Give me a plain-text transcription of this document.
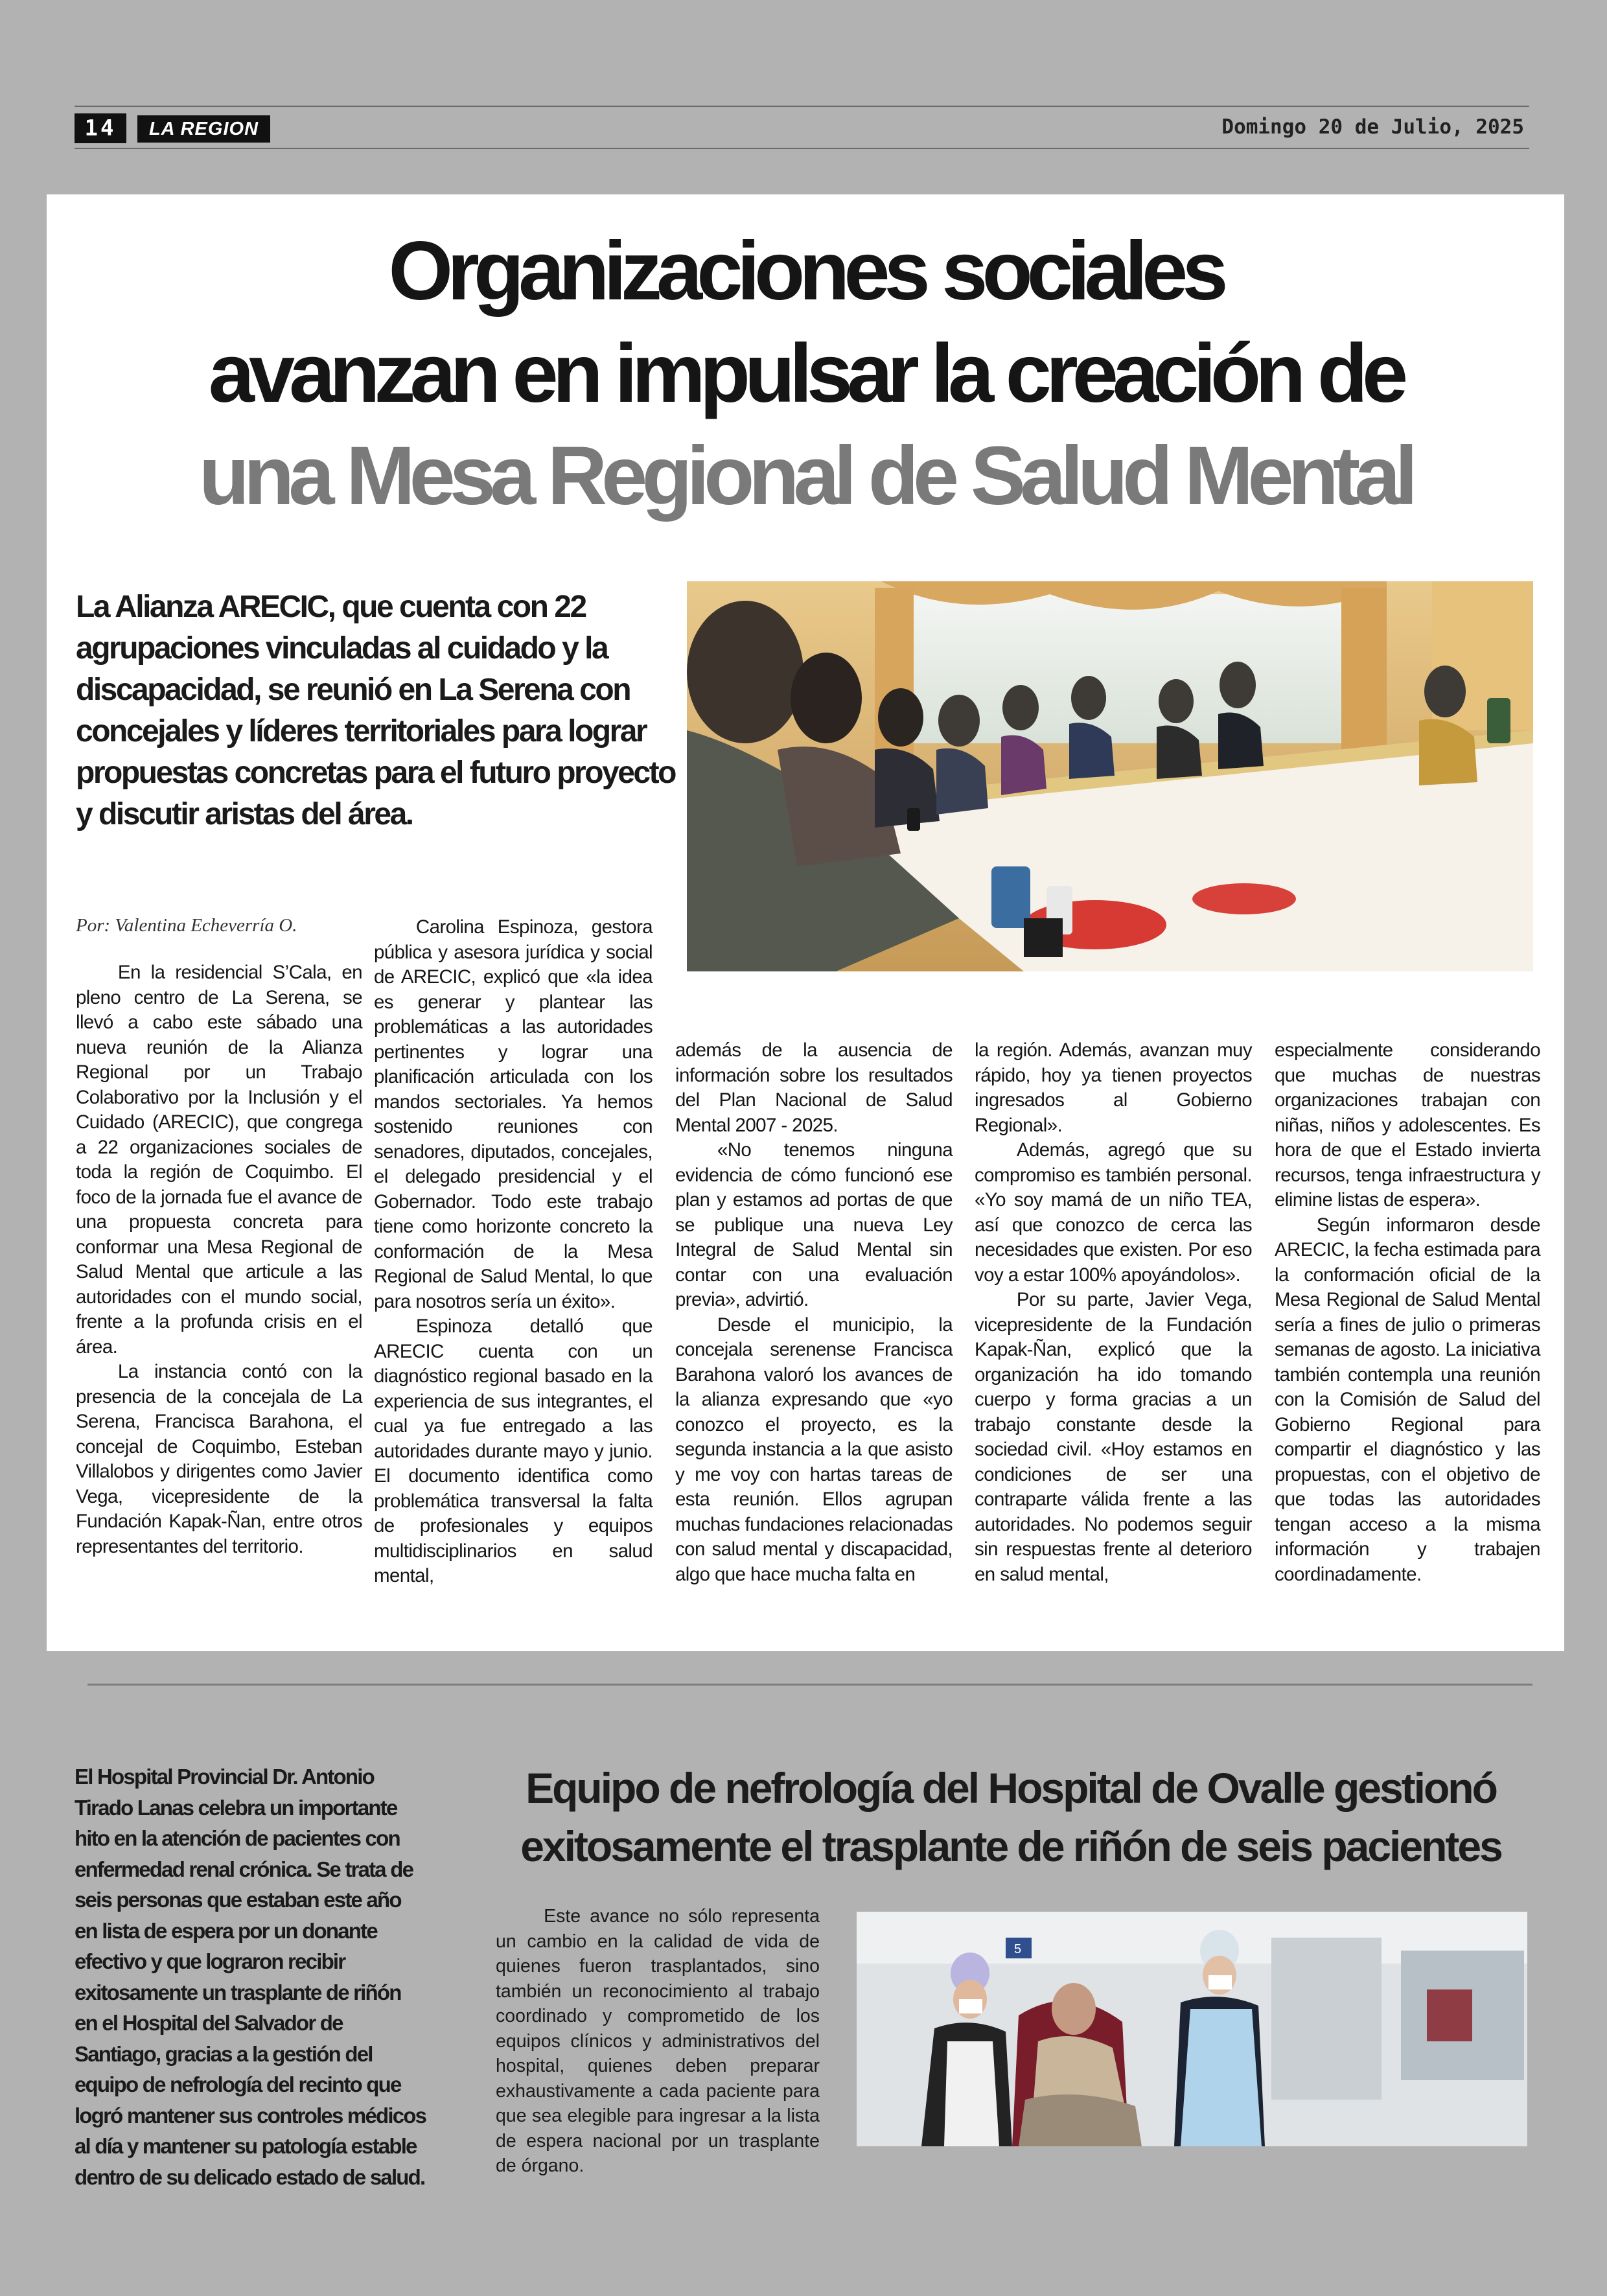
14	LA REGION	Domingo 20 de Julio, 2025
Organizaciones sociales
avanzan en impulsar la creación de
una Mesa Regional de Salud Mental
La Alianza ARECIC, que cuenta con 22 agrupaciones vinculadas al cuidado y la discapacidad, se reunió en La Serena con concejales y líderes territoriales para lograr propuestas concretas para el futuro proyecto y discutir aristas del área.
Por: Valentina Echeverría O.

En la residencial S’Cala, en pleno centro de La Serena, se llevó a cabo este sábado una nueva reunión de la Alianza Regional por un Trabajo Colaborativo por la Inclusión y el Cuidado (ARECIC), que congrega a 22 organizaciones sociales de toda la región de Coquimbo. El foco de la jornada fue el avance de una propuesta concreta para conformar una Mesa Regional de Salud Mental que articule a las autoridades con el mundo social, frente a la profunda crisis en el área.

La instancia contó con la presencia de la concejala de La Serena, Francisca Barahona, el concejal de Coquimbo, Esteban Villalobos y dirigentes como Javier Vega, vicepresidente de la Fundación Kapak-Ñan, entre otros representantes del territorio.

Carolina Espinoza, gestora pública y asesora jurídica y social de ARECIC, explicó que «la idea es generar y plantear las problemáticas a las autoridades pertinentes y lograr una planificación articulada con los mandos sectoriales. Ya hemos sostenido reuniones con senadores, diputados, concejales, el delegado presidencial y el Gobernador. Todo este trabajo tiene como horizonte concreto la conformación de la Mesa Regional de Salud Mental, lo que para nosotros sería un éxito».

Espinoza detalló que ARECIC cuenta con un diagnóstico regional basado en la experiencia de sus integrantes, el cual ya fue entregado a las autoridades durante mayo y junio. El documento identifica como problemática transversal la falta de profesionales y equipos multidisciplinarios en salud mental,

además de la ausencia de información sobre los resultados del Plan Nacional de Salud Mental 2007 - 2025.

«No tenemos ninguna evidencia de cómo funcionó ese plan y estamos ad portas de que se publique una nueva Ley Integral de Salud Mental sin contar con una evaluación previa», advirtió.

Desde el municipio, la concejala serenense Francisca Barahona valoró los avances de la alianza expresando que «yo conozco el proyecto, es la segunda instancia a la que asisto y me voy con hartas tareas de esta reunión. Ellos agrupan muchas fundaciones relacionadas con salud mental y discapacidad, algo que hace mucha falta en

la región. Además, avanzan muy rápido, hoy ya tienen proyectos ingresados al Gobierno Regional».

Además, agregó que su compromiso es también personal. «Yo soy mamá de un niño TEA, así que conozco de cerca las necesidades que existen. Por eso voy a estar 100% apoyándolos».

Por su parte, Javier Vega, vicepresidente de la Fundación Kapak-Ñan, explicó que la organización ha ido tomando cuerpo y forma gracias a un trabajo constante desde la sociedad civil. «Hoy estamos en condiciones de ser una contraparte válida frente a las autoridades. No podemos seguir sin respuestas frente al deterioro en salud mental,

especialmente considerando que muchas de nuestras organizaciones trabajan con niñas, niños y adolescentes. Es hora de que el Estado invierta recursos, tenga infraestructura y elimine listas de espera».

Según informaron desde ARECIC, la fecha estimada para la conformación oficial de la Mesa Regional de Salud Mental sería a fines de julio o primeras semanas de agosto. La iniciativa también contempla una reunión con la Comisión de Salud del Gobierno Regional para compartir el diagnóstico y las propuestas, con el objetivo de que todas las autoridades tengan acceso a la misma información y trabajen coordinadamente.

El Hospital Provincial Dr. Antonio Tirado Lanas celebra un importante hito en la atención de pacientes con enfermedad renal crónica. Se trata de seis personas que estaban este año en lista de espera por un donante efectivo y que lograron recibir exitosamente un trasplante de riñón en el Hospital del Salvador de Santiago, gracias a la gestión del equipo de nefrología del recinto que logró mantener sus controles médicos al día y mantener su patología estable dentro de su delicado estado de salud.
Equipo de nefrología del Hospital de Ovalle gestionó
exitosamente el trasplante de riñón de seis pacientes

Este avance no sólo representa un cambio en la calidad de vida de quienes fueron trasplantados, sino también un reconocimiento al trabajo coordinado y comprometido de los equipos clínicos y administrativos del hospital, quienes deben preparar exhaustivamente a cada paciente para que sea elegible para ingresar a la lista de espera nacional por un trasplante de órgano.

5
